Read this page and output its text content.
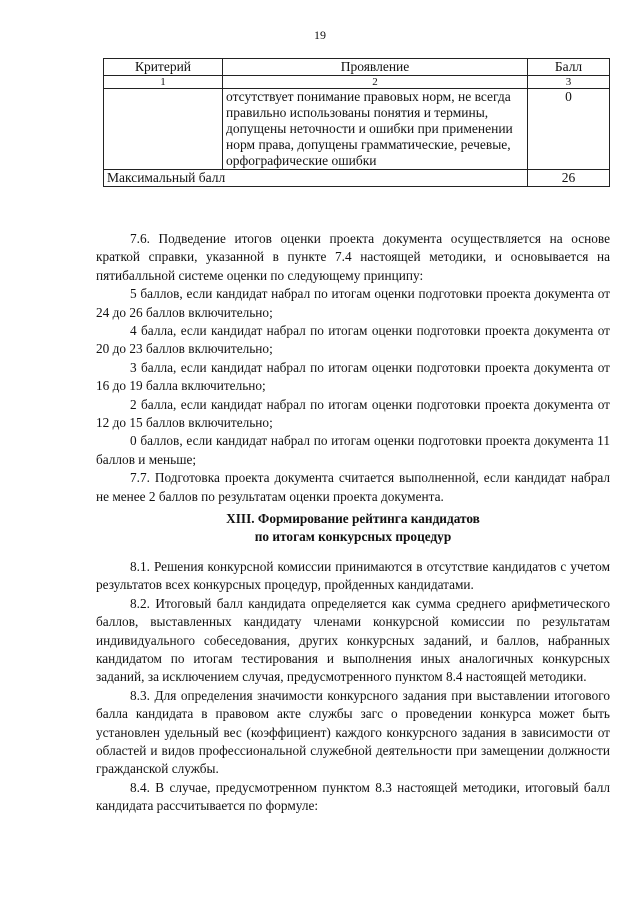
19
Критерий	Проявление	Балл
1	2	3
	отсутствует понимание правовых норм, не всегда правильно использованы понятия и термины, допущены неточности и ошибки при применении норм права, допущены грамматические, речевые, орфографические ошибки	0
Максимальный балл		26

7.6. Подведение итогов оценки проекта документа осуществляется на основе краткой справки, указанной в пункте 7.4 настоящей методики, и основывается на пятибалльной системе оценки по следующему принципу:

5 баллов, если кандидат набрал по итогам оценки подготовки проекта документа от 24 до 26 баллов включительно;

4 балла, если кандидат набрал по итогам оценки подготовки проекта документа от 20 до 23 баллов включительно;

3 балла, если кандидат набрал по итогам оценки подготовки проекта документа от 16 до 19 балла включительно;

2 балла, если кандидат набрал по итогам оценки подготовки проекта документа от 12 до 15 баллов включительно;

0 баллов, если кандидат набрал по итогам оценки подготовки проекта документа 11 баллов и меньше;

7.7. Подготовка проекта документа считается выполненной, если кандидат набрал не менее 2 баллов по результатам оценки проекта документа.

XIII. Формирование рейтинга кандидатов
по итогам конкурсных процедур

8.1. Решения конкурсной комиссии принимаются в отсутствие кандидатов с учетом результатов всех конкурсных процедур, пройденных кандидатами.

8.2. Итоговый балл кандидата определяется как сумма среднего арифметического баллов, выставленных кандидату членами конкурсной комиссии по результатам индивидуального собеседования, других конкурсных заданий, и баллов, набранных кандидатом по итогам тестирования и выполнения иных аналогичных конкурсных заданий, за исключением случая, предусмотренного пунктом 8.4 настоящей методики.

8.3. Для определения значимости конкурсного задания при выставлении итогового балла кандидата в правовом акте службы загс о проведении конкурса может быть установлен удельный вес (коэффициент) каждого конкурсного задания в зависимости от областей и видов профессиональной служебной деятельности при замещении должности гражданской службы.

8.4. В случае, предусмотренном пунктом 8.3 настоящей методики, итоговый балл кандидата рассчитывается по формуле:
